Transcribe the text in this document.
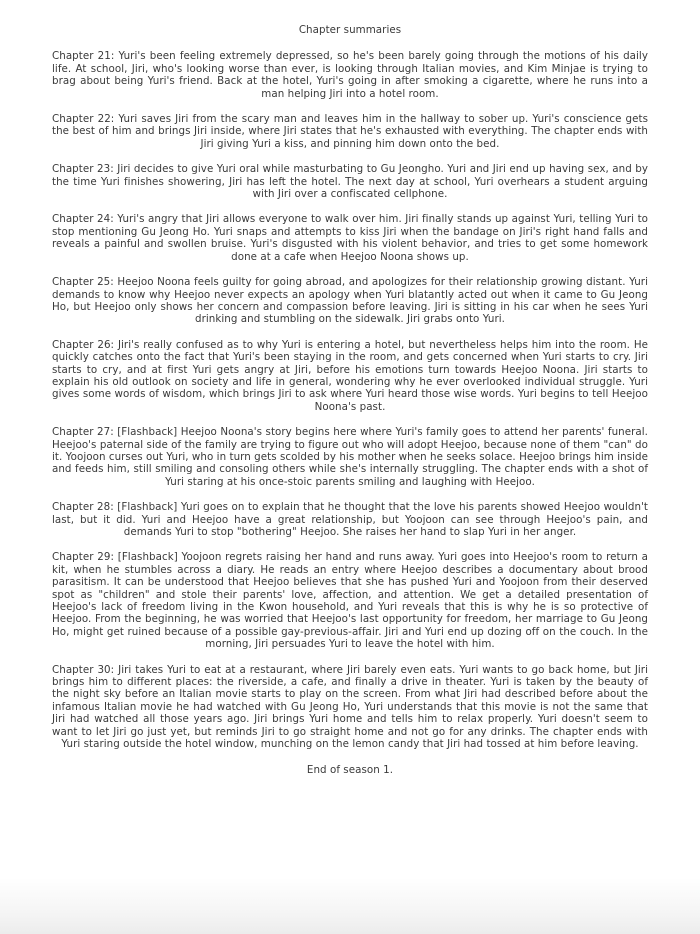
Chapter summaries

Chapter 21: Yuri's been feeling extremely depressed, so he's been barely going through the motions of his daily life. At school, Jiri, who's looking worse than ever, is looking through Italian movies, and Kim Minjae is trying to brag about being Yuri's friend. Back at the hotel, Yuri's going in after smoking a cigarette, where he runs into a man helping Jiri into a hotel room.

Chapter 22: Yuri saves Jiri from the scary man and leaves him in the hallway to sober up. Yuri's conscience gets the best of him and brings Jiri inside, where Jiri states that he's exhausted with everything. The chapter ends with Jiri giving Yuri a kiss, and pinning him down onto the bed.

Chapter 23: Jiri decides to give Yuri oral while masturbating to Gu Jeongho. Yuri and Jiri end up having sex, and by the time Yuri finishes showering, Jiri has left the hotel. The next day at school, Yuri overhears a student arguing with Jiri over a confiscated cellphone.

Chapter 24: Yuri's angry that Jiri allows everyone to walk over him. Jiri finally stands up against Yuri, telling Yuri to stop mentioning Gu Jeong Ho. Yuri snaps and attempts to kiss Jiri when the bandage on Jiri's right hand falls and reveals a painful and swollen bruise. Yuri's disgusted with his violent behavior, and tries to get some homework done at a cafe when Heejoo Noona shows up.

Chapter 25: Heejoo Noona feels guilty for going abroad, and apologizes for their relationship growing distant. Yuri demands to know why Heejoo never expects an apology when Yuri blatantly acted out when it came to Gu Jeong Ho, but Heejoo only shows her concern and compassion before leaving. Jiri is sitting in his car when he sees Yuri drinking and stumbling on the sidewalk. Jiri grabs onto Yuri.

Chapter 26: Jiri's really confused as to why Yuri is entering a hotel, but nevertheless helps him into the room. He quickly catches onto the fact that Yuri's been staying in the room, and gets concerned when Yuri starts to cry. Jiri starts to cry, and at first Yuri gets angry at Jiri, before his emotions turn towards Heejoo Noona. Jiri starts to explain his old outlook on society and life in general, wondering why he ever overlooked individual struggle. Yuri gives some words of wisdom, which brings Jiri to ask where Yuri heard those wise words. Yuri begins to tell Heejoo Noona's past.

Chapter 27: [Flashback] Heejoo Noona's story begins here where Yuri's family goes to attend her parents' funeral. Heejoo's paternal side of the family are trying to figure out who will adopt Heejoo, because none of them "can" do it. Yoojoon curses out Yuri, who in turn gets scolded by his mother when he seeks solace. Heejoo brings him inside and feeds him, still smiling and consoling others while she's internally struggling. The chapter ends with a shot of Yuri staring at his once-stoic parents smiling and laughing with Heejoo.

Chapter 28: [Flashback] Yuri goes on to explain that he thought that the love his parents showed Heejoo wouldn't last, but it did. Yuri and Heejoo have a great relationship, but Yoojoon can see through Heejoo's pain, and demands Yuri to stop "bothering" Heejoo. She raises her hand to slap Yuri in her anger.

Chapter 29: [Flashback] Yoojoon regrets raising her hand and runs away. Yuri goes into Heejoo's room to return a kit, when he stumbles across a diary. He reads an entry where Heejoo describes a documentary about brood parasitism. It can be understood that Heejoo believes that she has pushed Yuri and Yoojoon from their deserved spot as "children" and stole their parents' love, affection, and attention. We get a detailed presentation of Heejoo's lack of freedom living in the Kwon household, and Yuri reveals that this is why he is so protective of Heejoo. From the beginning, he was worried that Heejoo's last opportunity for freedom, her marriage to Gu Jeong Ho, might get ruined because of a possible gay-previous-affair. Jiri and Yuri end up dozing off on the couch. In the morning, Jiri persuades Yuri to leave the hotel with him.

Chapter 30: Jiri takes Yuri to eat at a restaurant, where Jiri barely even eats. Yuri wants to go back home, but Jiri brings him to different places: the riverside, a cafe, and finally a drive in theater. Yuri is taken by the beauty of the night sky before an Italian movie starts to play on the screen. From what Jiri had described before about the infamous Italian movie he had watched with Gu Jeong Ho, Yuri understands that this movie is not the same that Jiri had watched all those years ago. Jiri brings Yuri home and tells him to relax properly. Yuri doesn't seem to want to let Jiri go just yet, but reminds Jiri to go straight home and not go for any drinks. The chapter ends with Yuri staring outside the hotel window, munching on the lemon candy that Jiri had tossed at him before leaving.

End of season 1.
